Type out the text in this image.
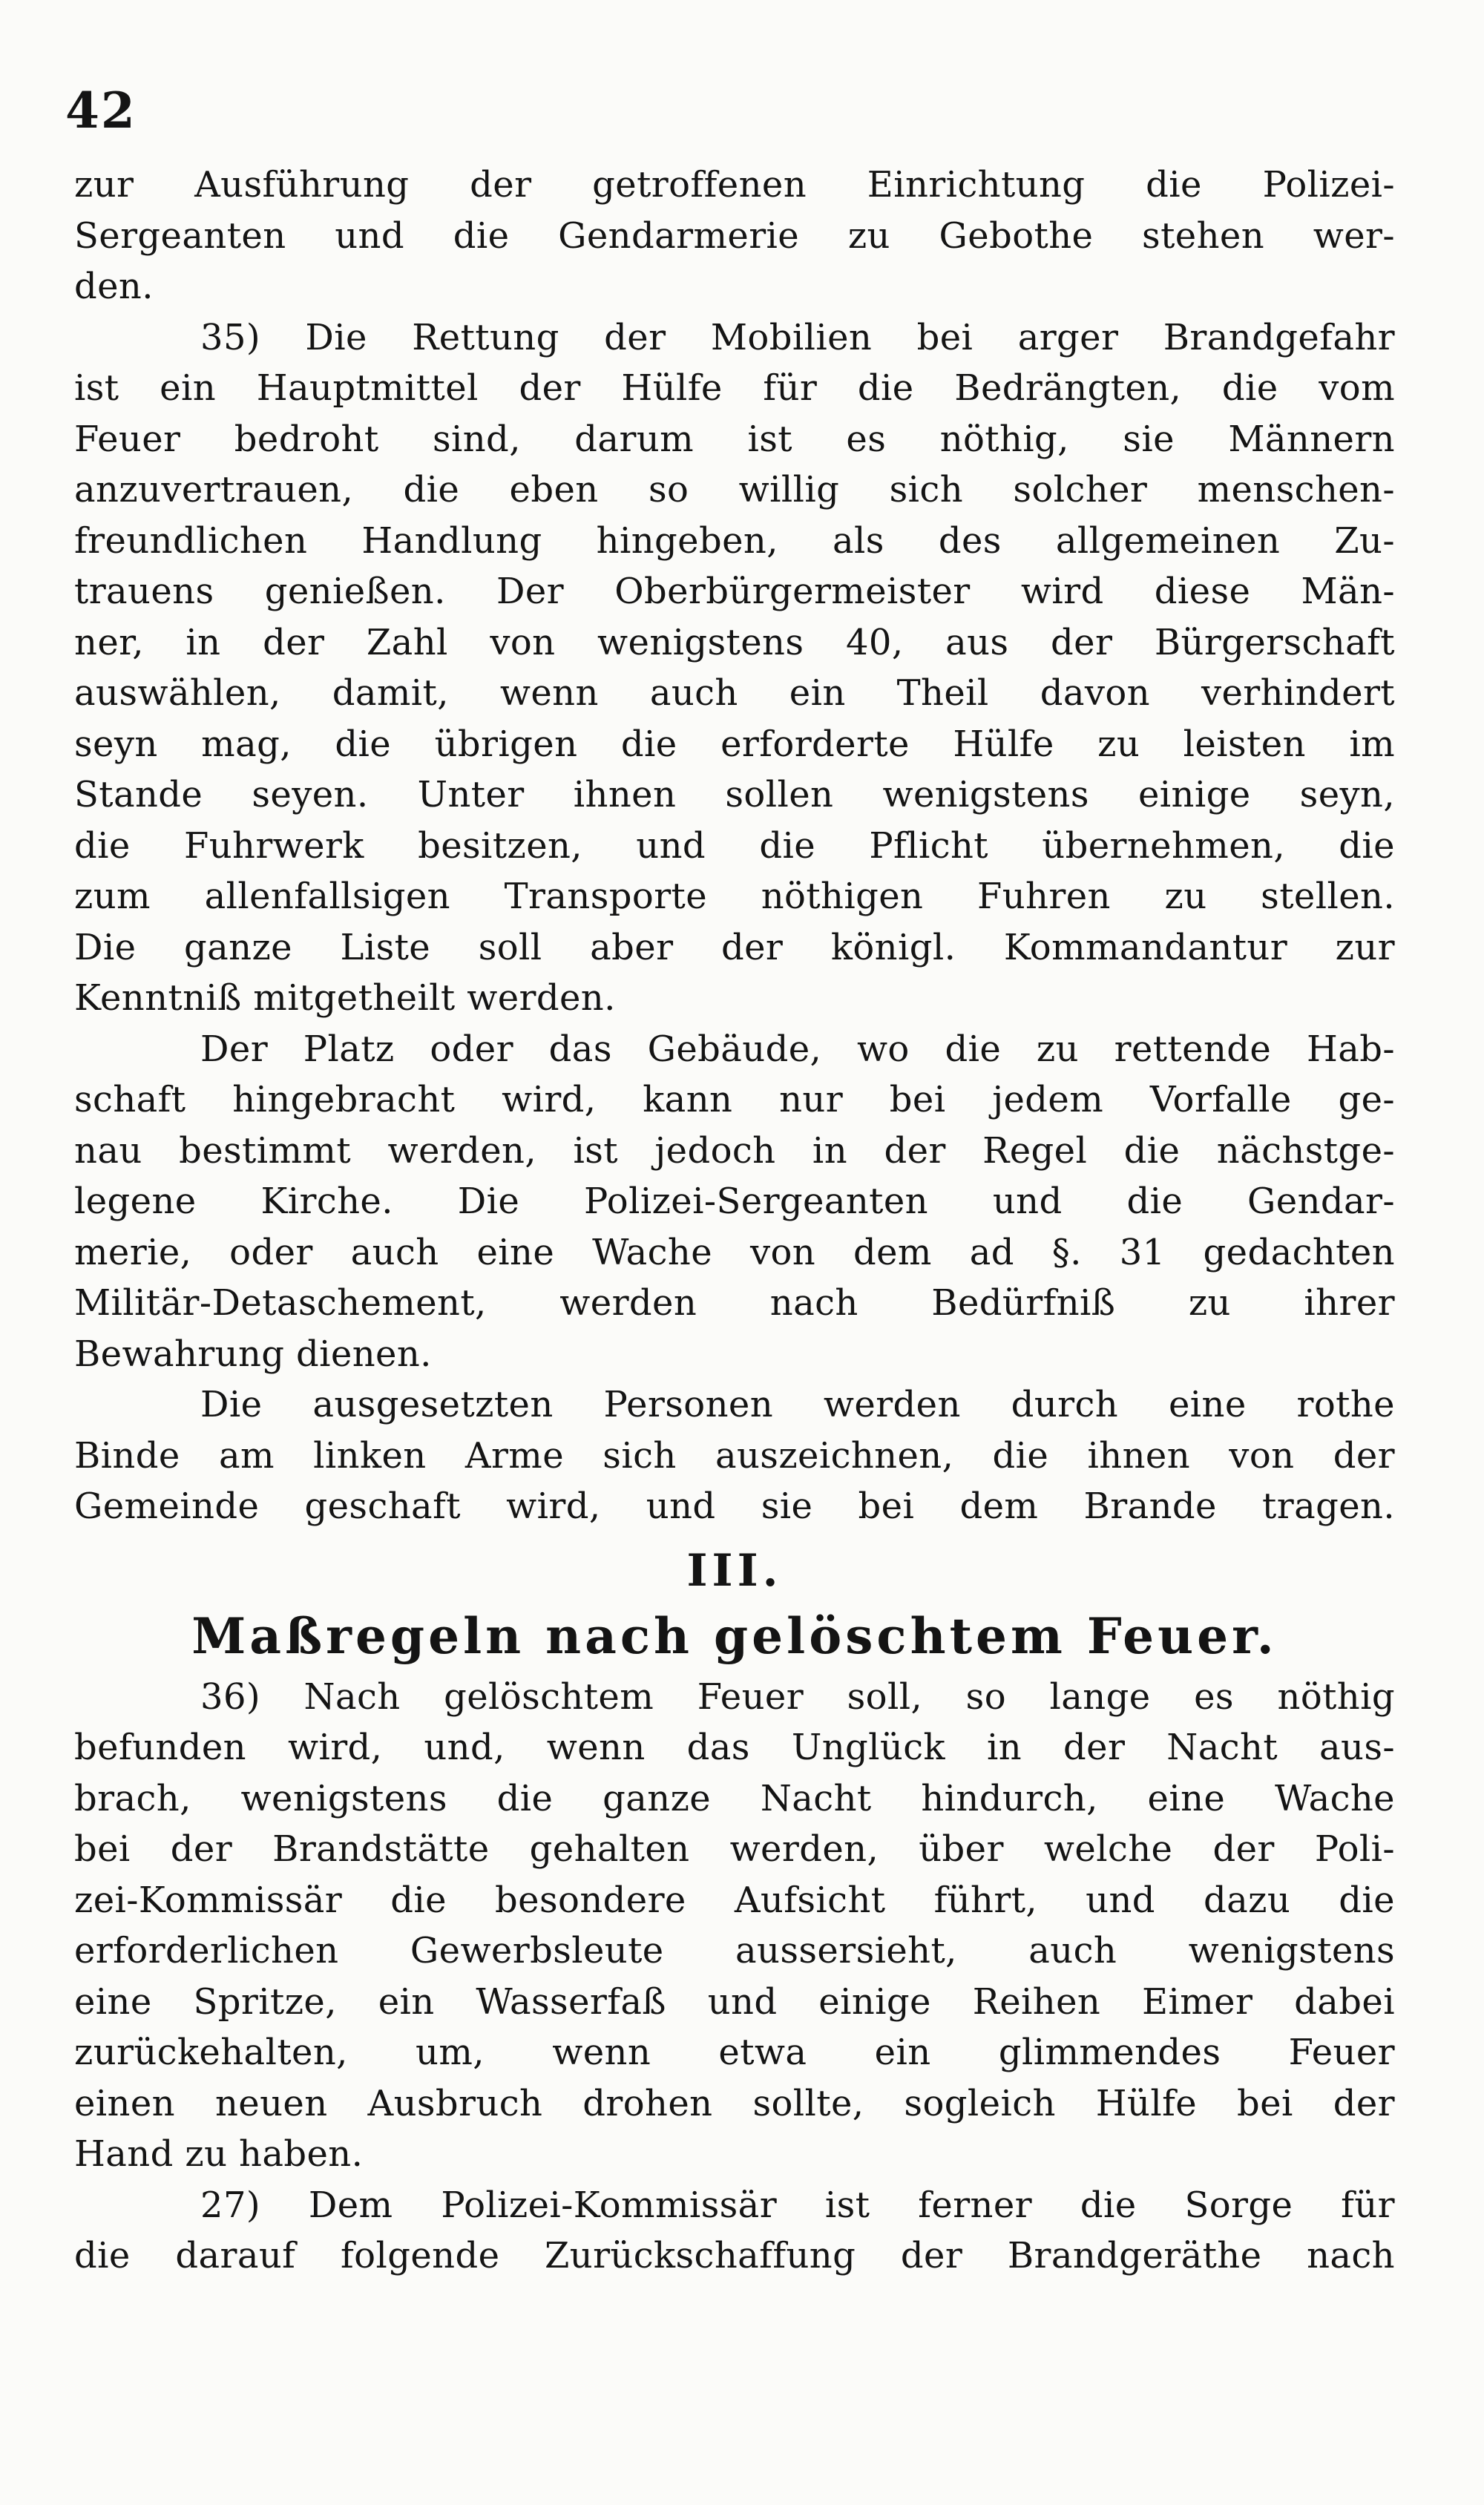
42
zur Ausführung der getroffenen Einrichtung die Polizei-
Sergeanten und die Gendarmerie zu Gebothe stehen wer-
den.
35) Die Rettung der Mobilien bei arger Brandgefahr
ist ein Hauptmittel der Hülfe für die Bedrängten, die vom
Feuer bedroht sind, darum ist es nöthig, sie Männern
anzuvertrauen, die eben so willig sich solcher menschen-
freundlichen Handlung hingeben, als des allgemeinen Zu-
trauens genießen. Der Oberbürgermeister wird diese Män-
ner, in der Zahl von wenigstens 40, aus der Bürgerschaft
auswählen, damit, wenn auch ein Theil davon verhindert
seyn mag, die übrigen die erforderte Hülfe zu leisten im
Stande seyen. Unter ihnen sollen wenigstens einige seyn,
die Fuhrwerk besitzen, und die Pflicht übernehmen, die
zum allenfallsigen Transporte nöthigen Fuhren zu stellen.
Die ganze Liste soll aber der königl. Kommandantur zur
Kenntniß mitgetheilt werden.
Der Platz oder das Gebäude, wo die zu rettende Hab-
schaft hingebracht wird, kann nur bei jedem Vorfalle ge-
nau bestimmt werden, ist jedoch in der Regel die nächstge-
legene Kirche. Die Polizei-Sergeanten und die Gendar-
merie, oder auch eine Wache von dem ad §. 31 gedachten
Militär-Detaschement, werden nach Bedürfniß zu ihrer
Bewahrung dienen.
Die ausgesetzten Personen werden durch eine rothe
Binde am linken Arme sich auszeichnen, die ihnen von der
Gemeinde geschaft wird, und sie bei dem Brande tragen.
III.
Maßregeln nach gelöschtem Feuer.
36) Nach gelöschtem Feuer soll, so lange es nöthig
befunden wird, und, wenn das Unglück in der Nacht aus-
brach, wenigstens die ganze Nacht hindurch, eine Wache
bei der Brandstätte gehalten werden, über welche der Poli-
zei-Kommissär die besondere Aufsicht führt, und dazu die
erforderlichen Gewerbsleute aussersieht, auch wenigstens
eine Spritze, ein Wasserfaß und einige Reihen Eimer dabei
zurückehalten, um, wenn etwa ein glimmendes Feuer
einen neuen Ausbruch drohen sollte, sogleich Hülfe bei der
Hand zu haben.
27) Dem Polizei-Kommissär ist ferner die Sorge für
die darauf folgende Zurückschaffung der Brandgeräthe nach
